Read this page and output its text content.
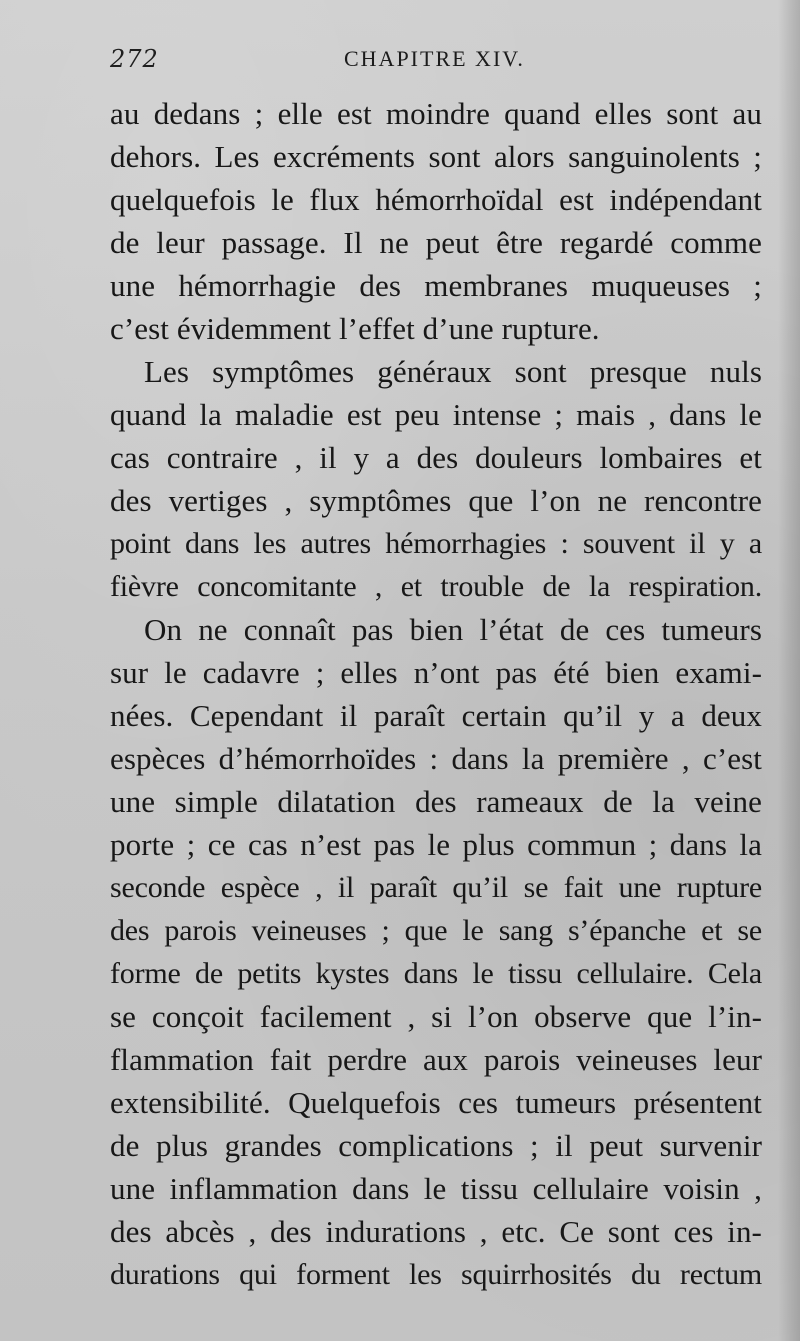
272	CHAPITRE XIV.
au dedans ; elle est moindre quand elles sont au
dehors. Les excréments sont alors sanguinolents ;
quelquefois le flux hémorrhoïdal est indépendant
de leur passage. Il ne peut être regardé comme
une hémorrhagie des membranes muqueuses ;
c’est évidemment l’effet d’une rupture.
Les symptômes généraux sont presque nuls
quand la maladie est peu intense ; mais , dans le
cas contraire , il y a des douleurs lombaires et
des vertiges , symptômes que l’on ne rencontre
point dans les autres hémorrhagies : souvent il y a
fièvre concomitante , et trouble de la respiration.
On ne connaît pas bien l’état de ces tumeurs
sur le cadavre ; elles n’ont pas été bien exami-
nées. Cependant il paraît certain qu’il y a deux
espèces d’hémorrhoïdes : dans la première , c’est
une simple dilatation des rameaux de la veine
porte ; ce cas n’est pas le plus commun ; dans la
seconde espèce , il paraît qu’il se fait une rupture
des parois veineuses ; que le sang s’épanche et se
forme de petits kystes dans le tissu cellulaire. Cela
se conçoit facilement , si l’on observe que l’in-
flammation fait perdre aux parois veineuses leur
extensibilité. Quelquefois ces tumeurs présentent
de plus grandes complications ; il peut survenir
une inflammation dans le tissu cellulaire voisin ,
des abcès , des indurations , etc. Ce sont ces in-
durations qui forment les squirrhosités du rectum
